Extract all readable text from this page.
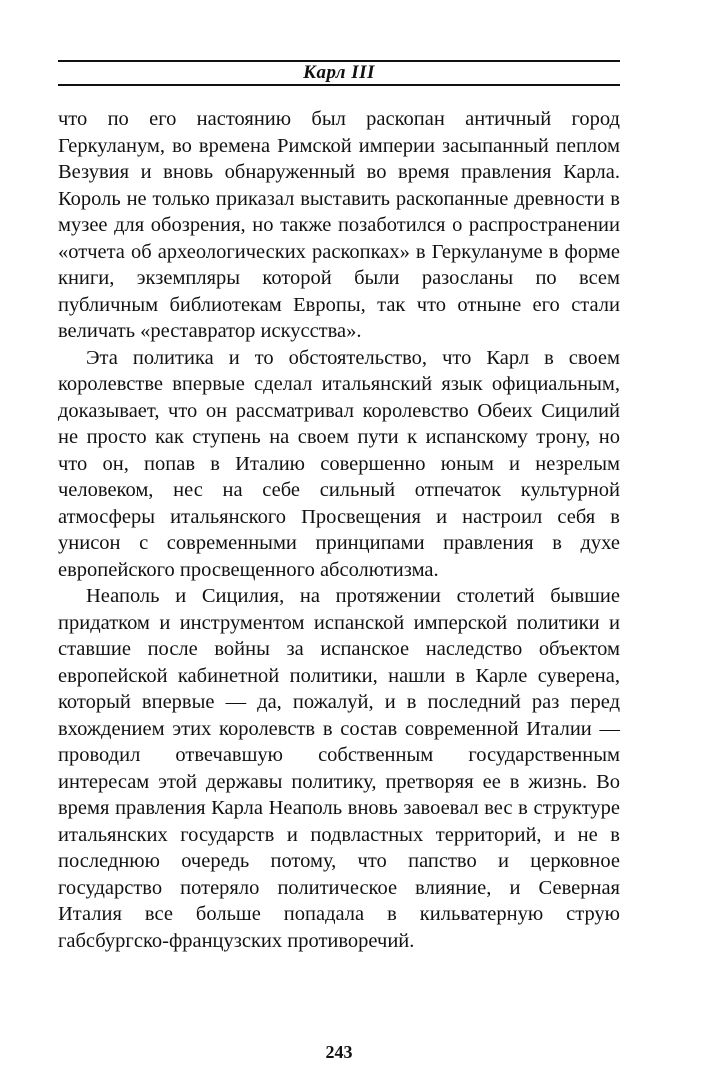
Карл III

что по его настоянию был раскопан античный город Геркуланум, во времена Римской империи засыпанный пеплом Везувия и вновь обнаруженный во время правления Карла. Король не только приказал выставить раскопанные древности в музее для обозрения, но также позаботился о распространении «отчета об археологических раскопках» в Геркулануме в форме книги, экземпляры которой были разосланы по всем публичным библиотекам Европы, так что отныне его стали величать «реставратор искусства».

Эта политика и то обстоятельство, что Карл в своем королевстве впервые сделал итальянский язык официальным, доказывает, что он рассматривал королевство Обеих Сицилий не просто как ступень на своем пути к испанскому трону, но что он, попав в Италию совершенно юным и незрелым человеком, нес на себе сильный отпечаток культурной атмосферы итальянского Просвещения и настроил себя в унисон с современными принципами правления в духе европейского просвещенного абсолютизма.

Неаполь и Сицилия, на протяжении столетий бывшие придатком и инструментом испанской имперской политики и ставшие после войны за испанское наследство объектом европейской кабинетной политики, нашли в Карле суверена, который впервые — да, пожалуй, и в последний раз перед вхождением этих королевств в состав современной Италии — проводил отвечавшую собственным государственным интересам этой державы политику, претворяя ее в жизнь. Во время правления Карла Неаполь вновь завоевал вес в структуре итальянских государств и подвластных территорий, и не в последнюю очередь потому, что папство и церковное государство потеряло политическое влияние, и Северная Италия все больше попадала в кильватерную струю габсбургско-французских противоречий.

243
